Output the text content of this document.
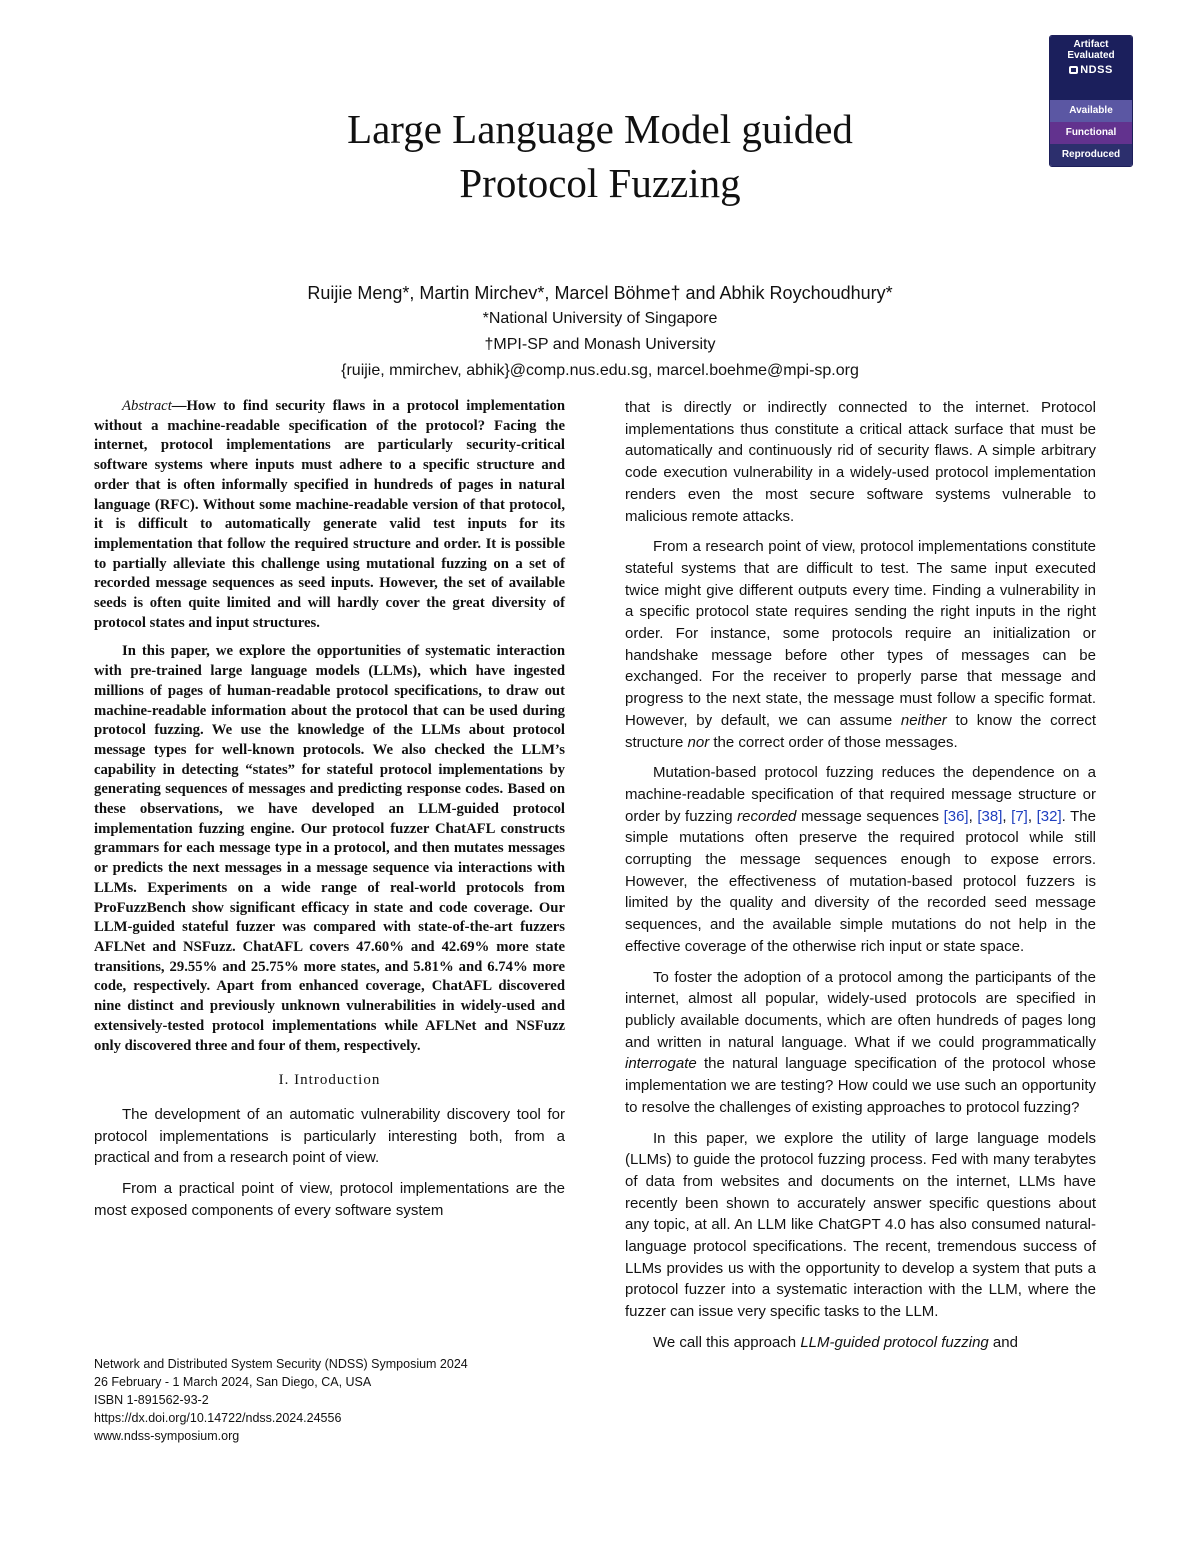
Large Language Model guided
Protocol Fuzzing
Artifact
Evaluated
NDSS
Available
Functional
Reproduced
Ruijie Meng*, Martin Mirchev*, Marcel Böhme† and Abhik Roychoudhury*
*National University of Singapore
†MPI-SP and Monash University
{ruijie, mmirchev, abhik}@comp.nus.edu.sg, marcel.boehme@mpi-sp.org

Abstract—How to find security flaws in a protocol implementation without a machine-readable specification of the protocol? Facing the internet, protocol implementations are particularly security-critical software systems where inputs must adhere to a specific structure and order that is often informally specified in hundreds of pages in natural language (RFC). Without some machine-readable version of that protocol, it is difficult to automatically generate valid test inputs for its implementation that follow the required structure and order. It is possible to partially alleviate this challenge using mutational fuzzing on a set of recorded message sequences as seed inputs. However, the set of available seeds is often quite limited and will hardly cover the great diversity of protocol states and input structures.

In this paper, we explore the opportunities of systematic interaction with pre-trained large language models (LLMs), which have ingested millions of pages of human-readable protocol specifications, to draw out machine-readable information about the protocol that can be used during protocol fuzzing. We use the knowledge of the LLMs about protocol message types for well-known protocols. We also checked the LLM’s capability in detecting “states” for stateful protocol implementations by generating sequences of messages and predicting response codes. Based on these observations, we have developed an LLM-guided protocol implementation fuzzing engine. Our protocol fuzzer ChatAFL constructs grammars for each message type in a protocol, and then mutates messages or predicts the next messages in a message sequence via interactions with LLMs. Experiments on a wide range of real-world protocols from ProFuzzBench show significant efficacy in state and code coverage. Our LLM-guided stateful fuzzer was compared with state-of-the-art fuzzers AFLNet and NSFuzz. ChatAFL covers 47.60% and 42.69% more state transitions, 29.55% and 25.75% more states, and 5.81% and 6.74% more code, respectively. Apart from enhanced coverage, ChatAFL discovered nine distinct and previously unknown vulnerabilities in widely-used and extensively-tested protocol implementations while AFLNet and NSFuzz only discovered three and four of them, respectively.

I. Introduction

The development of an automatic vulnerability discovery tool for protocol implementations is particularly interesting both, from a practical and from a research point of view.

From a practical point of view, protocol implementations are the most exposed components of every software system

that is directly or indirectly connected to the internet. Protocol implementations thus constitute a critical attack surface that must be automatically and continuously rid of security flaws. A simple arbitrary code execution vulnerability in a widely-used protocol implementation renders even the most secure software systems vulnerable to malicious remote attacks.

From a research point of view, protocol implementations constitute stateful systems that are difficult to test. The same input executed twice might give different outputs every time. Finding a vulnerability in a specific protocol state requires sending the right inputs in the right order. For instance, some protocols require an initialization or handshake message before other types of messages can be exchanged. For the receiver to properly parse that message and progress to the next state, the message must follow a specific format. However, by default, we can assume neither to know the correct structure nor the correct order of those messages.

Mutation-based protocol fuzzing reduces the dependence on a machine-readable specification of that required message structure or order by fuzzing recorded message sequences [36], [38], [7], [32]. The simple mutations often preserve the required protocol while still corrupting the message sequences enough to expose errors. However, the effectiveness of mutation-based protocol fuzzers is limited by the quality and diversity of the recorded seed message sequences, and the available simple mutations do not help in the effective coverage of the otherwise rich input or state space.

To foster the adoption of a protocol among the participants of the internet, almost all popular, widely-used protocols are specified in publicly available documents, which are often hundreds of pages long and written in natural language. What if we could programmatically interrogate the natural language specification of the protocol whose implementation we are testing? How could we use such an opportunity to resolve the challenges of existing approaches to protocol fuzzing?

In this paper, we explore the utility of large language models (LLMs) to guide the protocol fuzzing process. Fed with many terabytes of data from websites and documents on the internet, LLMs have recently been shown to accurately answer specific questions about any topic, at all. An LLM like ChatGPT 4.0 has also consumed natural-language protocol specifications. The recent, tremendous success of LLMs provides us with the opportunity to develop a system that puts a protocol fuzzer into a systematic interaction with the LLM, where the fuzzer can issue very specific tasks to the LLM.

We call this approach LLM-guided protocol fuzzing and

Network and Distributed System Security (NDSS) Symposium 2024
26 February - 1 March 2024, San Diego, CA, USA
ISBN 1-891562-93-2
https://dx.doi.org/10.14722/ndss.2024.24556
www.ndss-symposium.org
